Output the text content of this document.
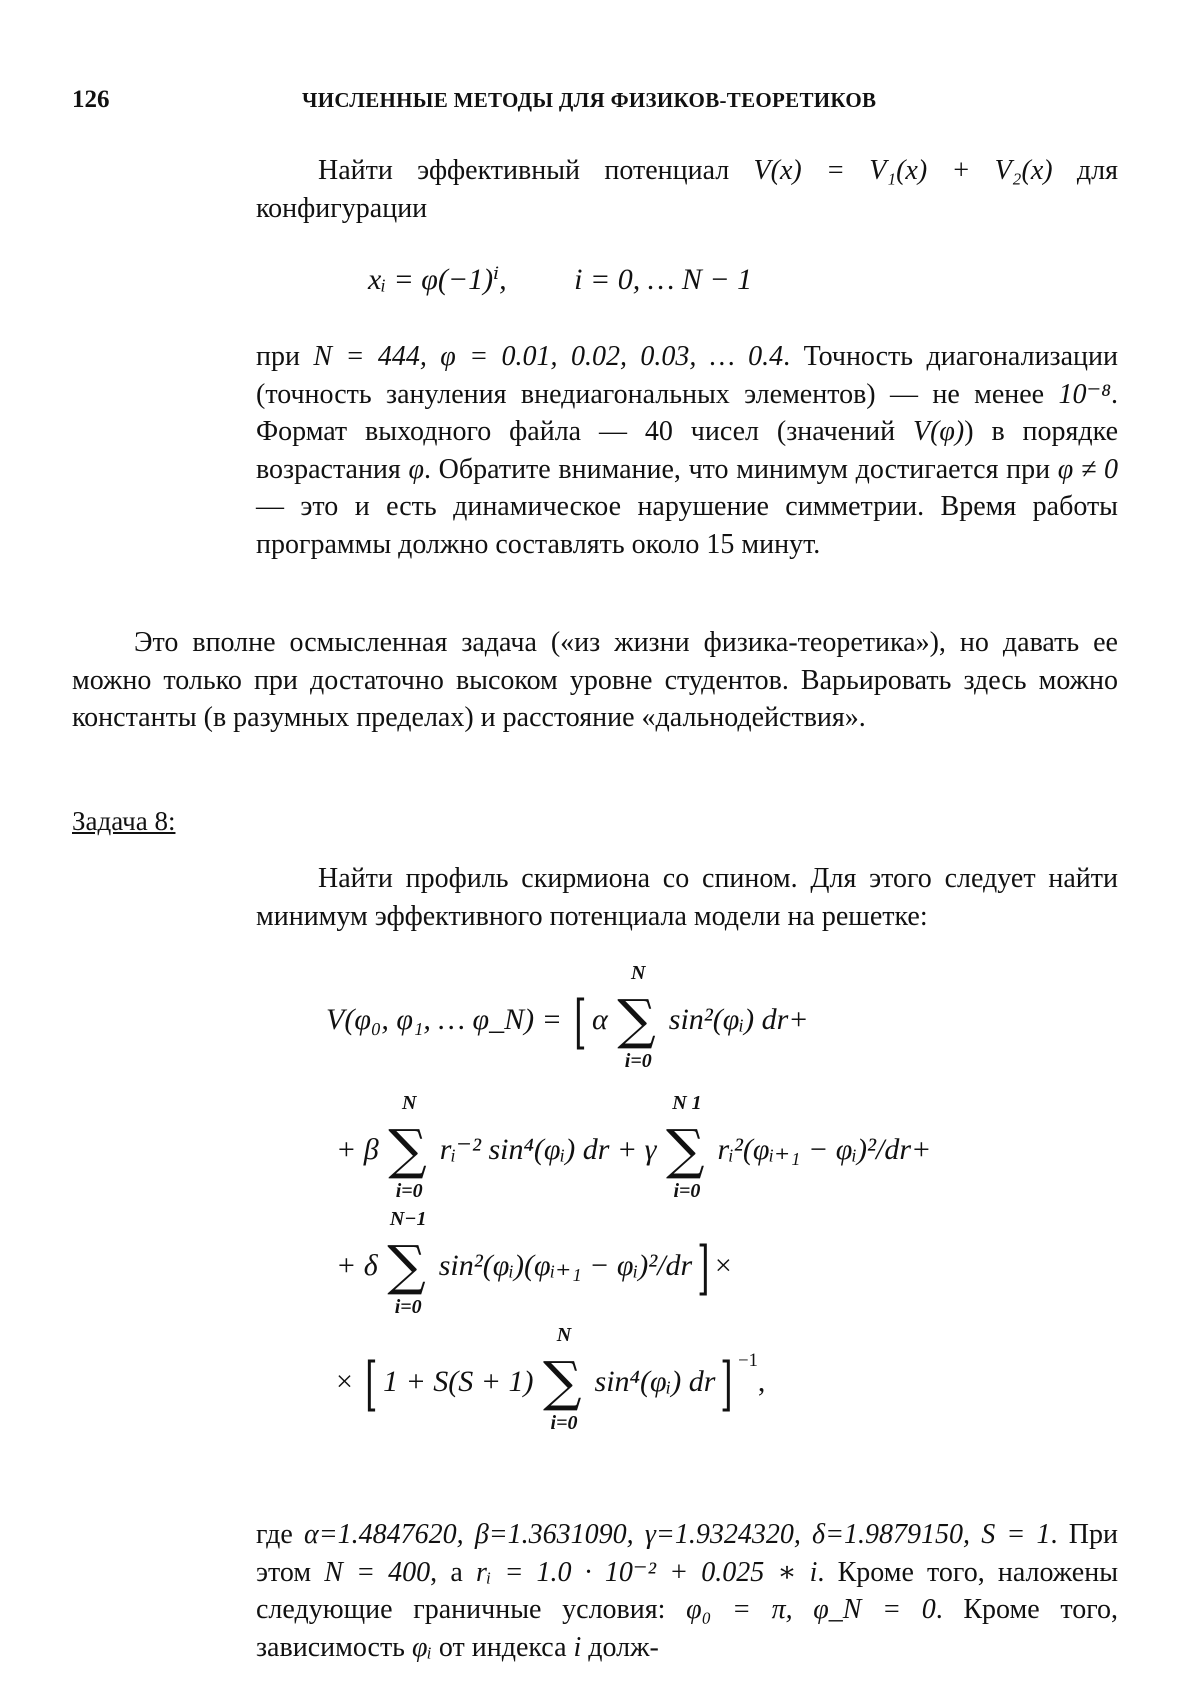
126	ЧИСЛЕННЫЕ МЕТОДЫ ДЛЯ ФИЗИКОВ-ТЕОРЕТИКОВ

Найти эффективный потенциал V(x) = V₁(x) + V₂(x) для конфигурации

xᵢ = φ(−1)ⁱ, i = 0, … N − 1

при N = 444, φ = 0.01, 0.02, 0.03, … 0.4. Точность диагонализации (точность зануления внедиагональных элементов) — не менее 10⁻⁸. Формат выходного файла — 40 чисел (значений V(φ)) в порядке возрастания φ. Обратите внимание, что минимум достигается при φ ≠ 0 — это и есть динамическое нарушение симметрии. Время работы программы должно составлять около 15 минут.

Это вполне осмысленная задача («из жизни физика-теоретика»), но давать ее можно только при достаточно высоком уровне студентов. Варьировать здесь можно константы (в разумных пределах) и расстояние «дальнодействия».

Задача 8:

Найти профиль скирмиона со спином. Для этого следует найти минимум эффективного потенциала модели на решетке:

V(φ₀, φ₁, … φ_N) = [ α ∑
N
i=0
sin²(φᵢ) dr+
+ β ∑
N
i=0
rᵢ⁻² sin⁴(φᵢ) dr + γ ∑
N 1
i=0
rᵢ²(φᵢ₊₁ − φᵢ)²/dr+
+ δ ∑
N−1
i=0
sin²(φᵢ)(φᵢ₊₁ − φᵢ)²/dr] ×
× [ 1 + S(S + 1) ∑
N
i=0
sin⁴(φᵢ) dr] $^{-1}$,

где α=1.4847620, β=1.3631090, γ=1.9324320, δ=1.9879150, S = 1. При этом N = 400, а rᵢ = 1.0 · 10⁻² + 0.025 ∗ i. Кроме того, наложены следующие граничные условия: φ₀ = π, φ_N = 0. Кроме того, зависимость φᵢ от индекса i долж-
